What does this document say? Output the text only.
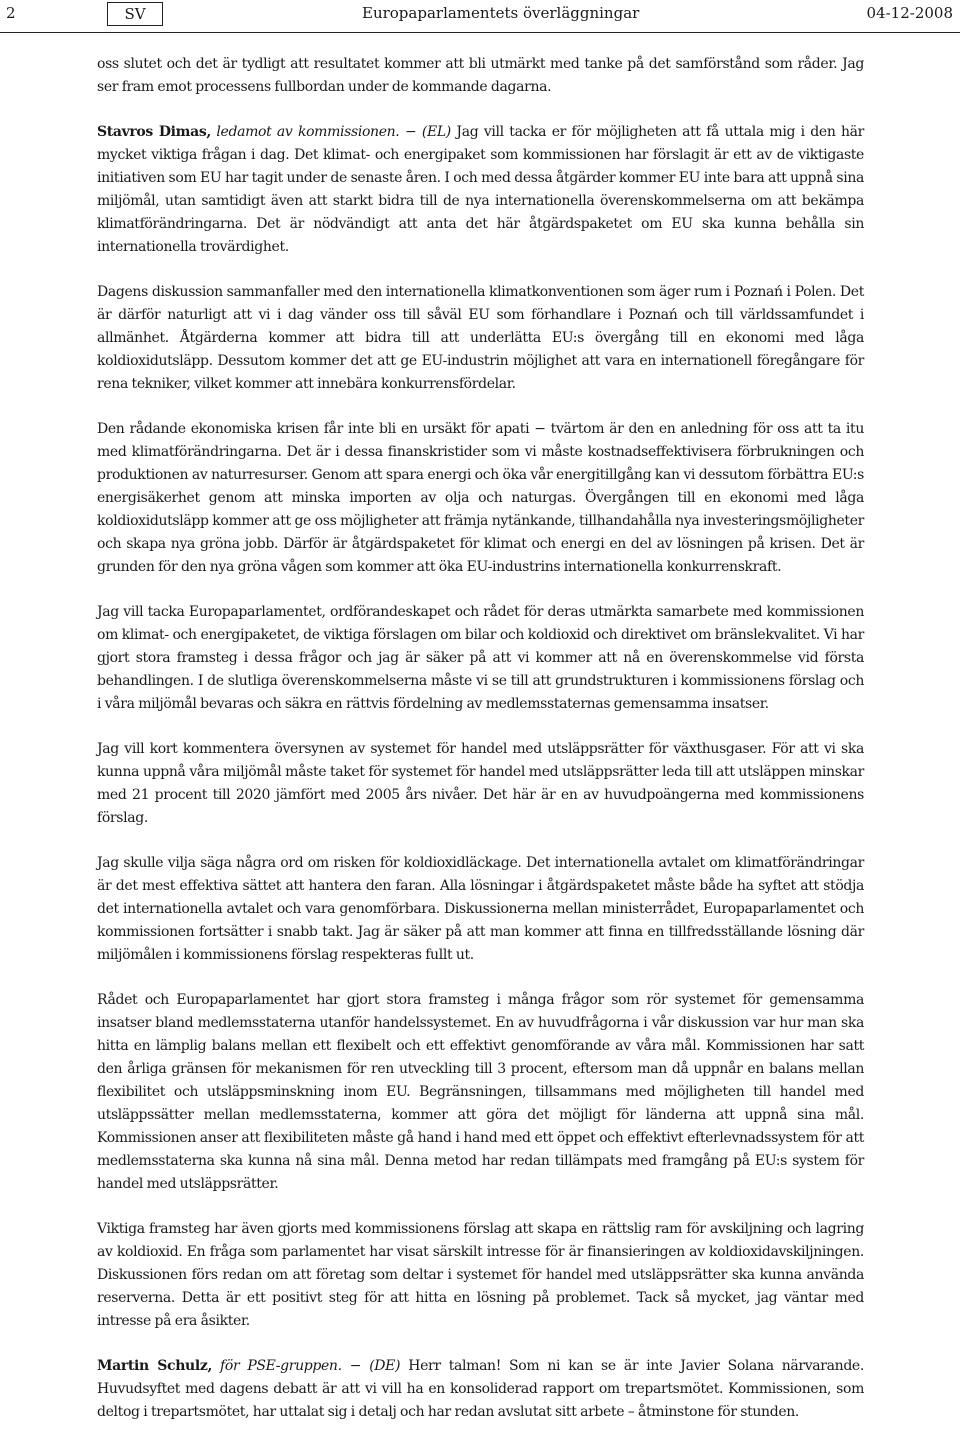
2	SV	Europaparlamentets överläggningar	04-12-2008

oss slutet och det är tydligt att resultatet kommer att bli utmärkt med tanke på det samförstånd som råder. Jag ser fram emot processens fullbordan under de kommande dagarna.

Stavros Dimas, ledamot av kommissionen. − (EL) Jag vill tacka er för möjligheten att få uttala mig i den här mycket viktiga frågan i dag. Det klimat- och energipaket som kommissionen har förslagit är ett av de viktigaste initiativen som EU har tagit under de senaste åren. I och med dessa åtgärder kommer EU inte bara att uppnå sina miljömål, utan samtidigt även att starkt bidra till de nya internationella överenskommelserna om att bekämpa klimatförändringarna. Det är nödvändigt att anta det här åtgärdspaketet om EU ska kunna behålla sin internationella trovärdighet.

Dagens diskussion sammanfaller med den internationella klimatkonventionen som äger rum i Poznań i Polen. Det är därför naturligt att vi i dag vänder oss till såväl EU som förhandlare i Poznań och till världssamfundet i allmänhet. Åtgärderna kommer att bidra till att underlätta EU:s övergång till en ekonomi med låga koldioxidutsläpp. Dessutom kommer det att ge EU-industrin möjlighet att vara en internationell föregångare för rena tekniker, vilket kommer att innebära konkurrensfördelar.

Den rådande ekonomiska krisen får inte bli en ursäkt för apati − tvärtom är den en anledning för oss att ta itu med klimatförändringarna. Det är i dessa finanskristider som vi måste kostnadseffektivisera förbrukningen och produktionen av naturresurser. Genom att spara energi och öka vår energitillgång kan vi dessutom förbättra EU:s energisäkerhet genom att minska importen av olja och naturgas. Övergången till en ekonomi med låga koldioxidutsläpp kommer att ge oss möjligheter att främja nytänkande, tillhandahålla nya investeringsmöjligheter och skapa nya gröna jobb. Därför är åtgärdspaketet för klimat och energi en del av lösningen på krisen. Det är grunden för den nya gröna vågen som kommer att öka EU-industrins internationella konkurrenskraft.

Jag vill tacka Europaparlamentet, ordförandeskapet och rådet för deras utmärkta samarbete med kommissionen om klimat- och energipaketet, de viktiga förslagen om bilar och koldioxid och direktivet om bränslekvalitet. Vi har gjort stora framsteg i dessa frågor och jag är säker på att vi kommer att nå en överenskommelse vid första behandlingen. I de slutliga överenskommelserna måste vi se till att grundstrukturen i kommissionens förslag och i våra miljömål bevaras och säkra en rättvis fördelning av medlemsstaternas gemensamma insatser.

Jag vill kort kommentera översynen av systemet för handel med utsläppsrätter för växthusgaser. För att vi ska kunna uppnå våra miljömål måste taket för systemet för handel med utsläppsrätter leda till att utsläppen minskar med 21 procent till 2020 jämfört med 2005 års nivåer. Det här är en av huvudpoängerna med kommissionens förslag.

Jag skulle vilja säga några ord om risken för koldioxidläckage. Det internationella avtalet om klimatförändringar är det mest effektiva sättet att hantera den faran. Alla lösningar i åtgärdspaketet måste både ha syftet att stödja det internationella avtalet och vara genomförbara. Diskussionerna mellan ministerrådet, Europaparlamentet och kommissionen fortsätter i snabb takt. Jag är säker på att man kommer att finna en tillfredsställande lösning där miljömålen i kommissionens förslag respekteras fullt ut.

Rådet och Europaparlamentet har gjort stora framsteg i många frågor som rör systemet för gemensamma insatser bland medlemsstaterna utanför handelssystemet. En av huvudfrågorna i vår diskussion var hur man ska hitta en lämplig balans mellan ett flexibelt och ett effektivt genomförande av våra mål. Kommissionen har satt den årliga gränsen för mekanismen för ren utveckling till 3 procent, eftersom man då uppnår en balans mellan flexibilitet och utsläppsminskning inom EU. Begränsningen, tillsammans med möjligheten till handel med utsläppssätter mellan medlemsstaterna, kommer att göra det möjligt för länderna att uppnå sina mål. Kommissionen anser att flexibiliteten måste gå hand i hand med ett öppet och effektivt efterlevnadssystem för att medlemsstaterna ska kunna nå sina mål. Denna metod har redan tillämpats med framgång på EU:s system för handel med utsläppsrätter.

Viktiga framsteg har även gjorts med kommissionens förslag att skapa en rättslig ram för avskiljning och lagring av koldioxid. En fråga som parlamentet har visat särskilt intresse för är finansieringen av koldioxidavskiljningen. Diskussionen förs redan om att företag som deltar i systemet för handel med utsläppsrätter ska kunna använda reserverna. Detta är ett positivt steg för att hitta en lösning på problemet. Tack så mycket, jag väntar med intresse på era åsikter.

Martin Schulz, för PSE-gruppen. − (DE) Herr talman! Som ni kan se är inte Javier Solana närvarande. Huvudsyftet med dagens debatt är att vi vill ha en konsoliderad rapport om trepartsmötet. Kommissionen, som deltog i trepartsmötet, har uttalat sig i detalj och har redan avslutat sitt arbete – åtminstone för stunden.
